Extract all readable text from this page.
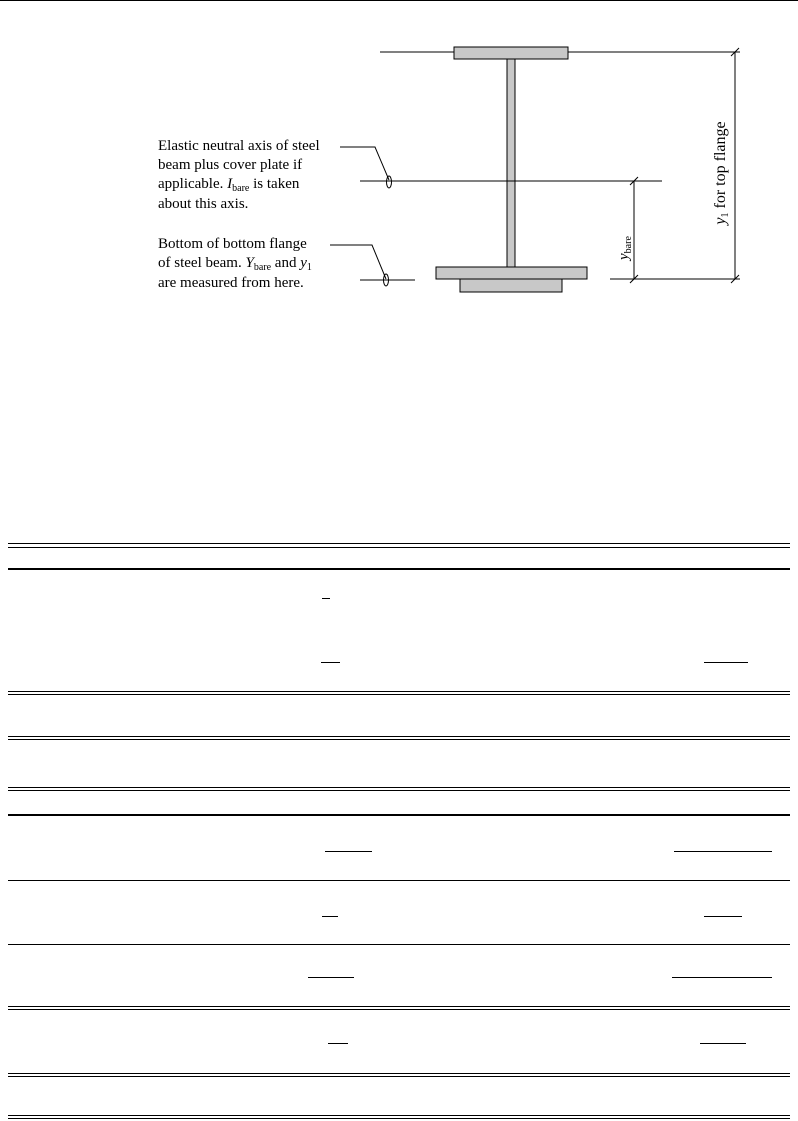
Elastic neutral axis of steel
beam plus cover plate if
applicable. $I_{bare}$ is taken
about this axis.
Bottom of bottom flange
of steel beam. $Y_{bare}$ and $y_1$
are measured from here.
$y_{bare}$
y1 for top flange
